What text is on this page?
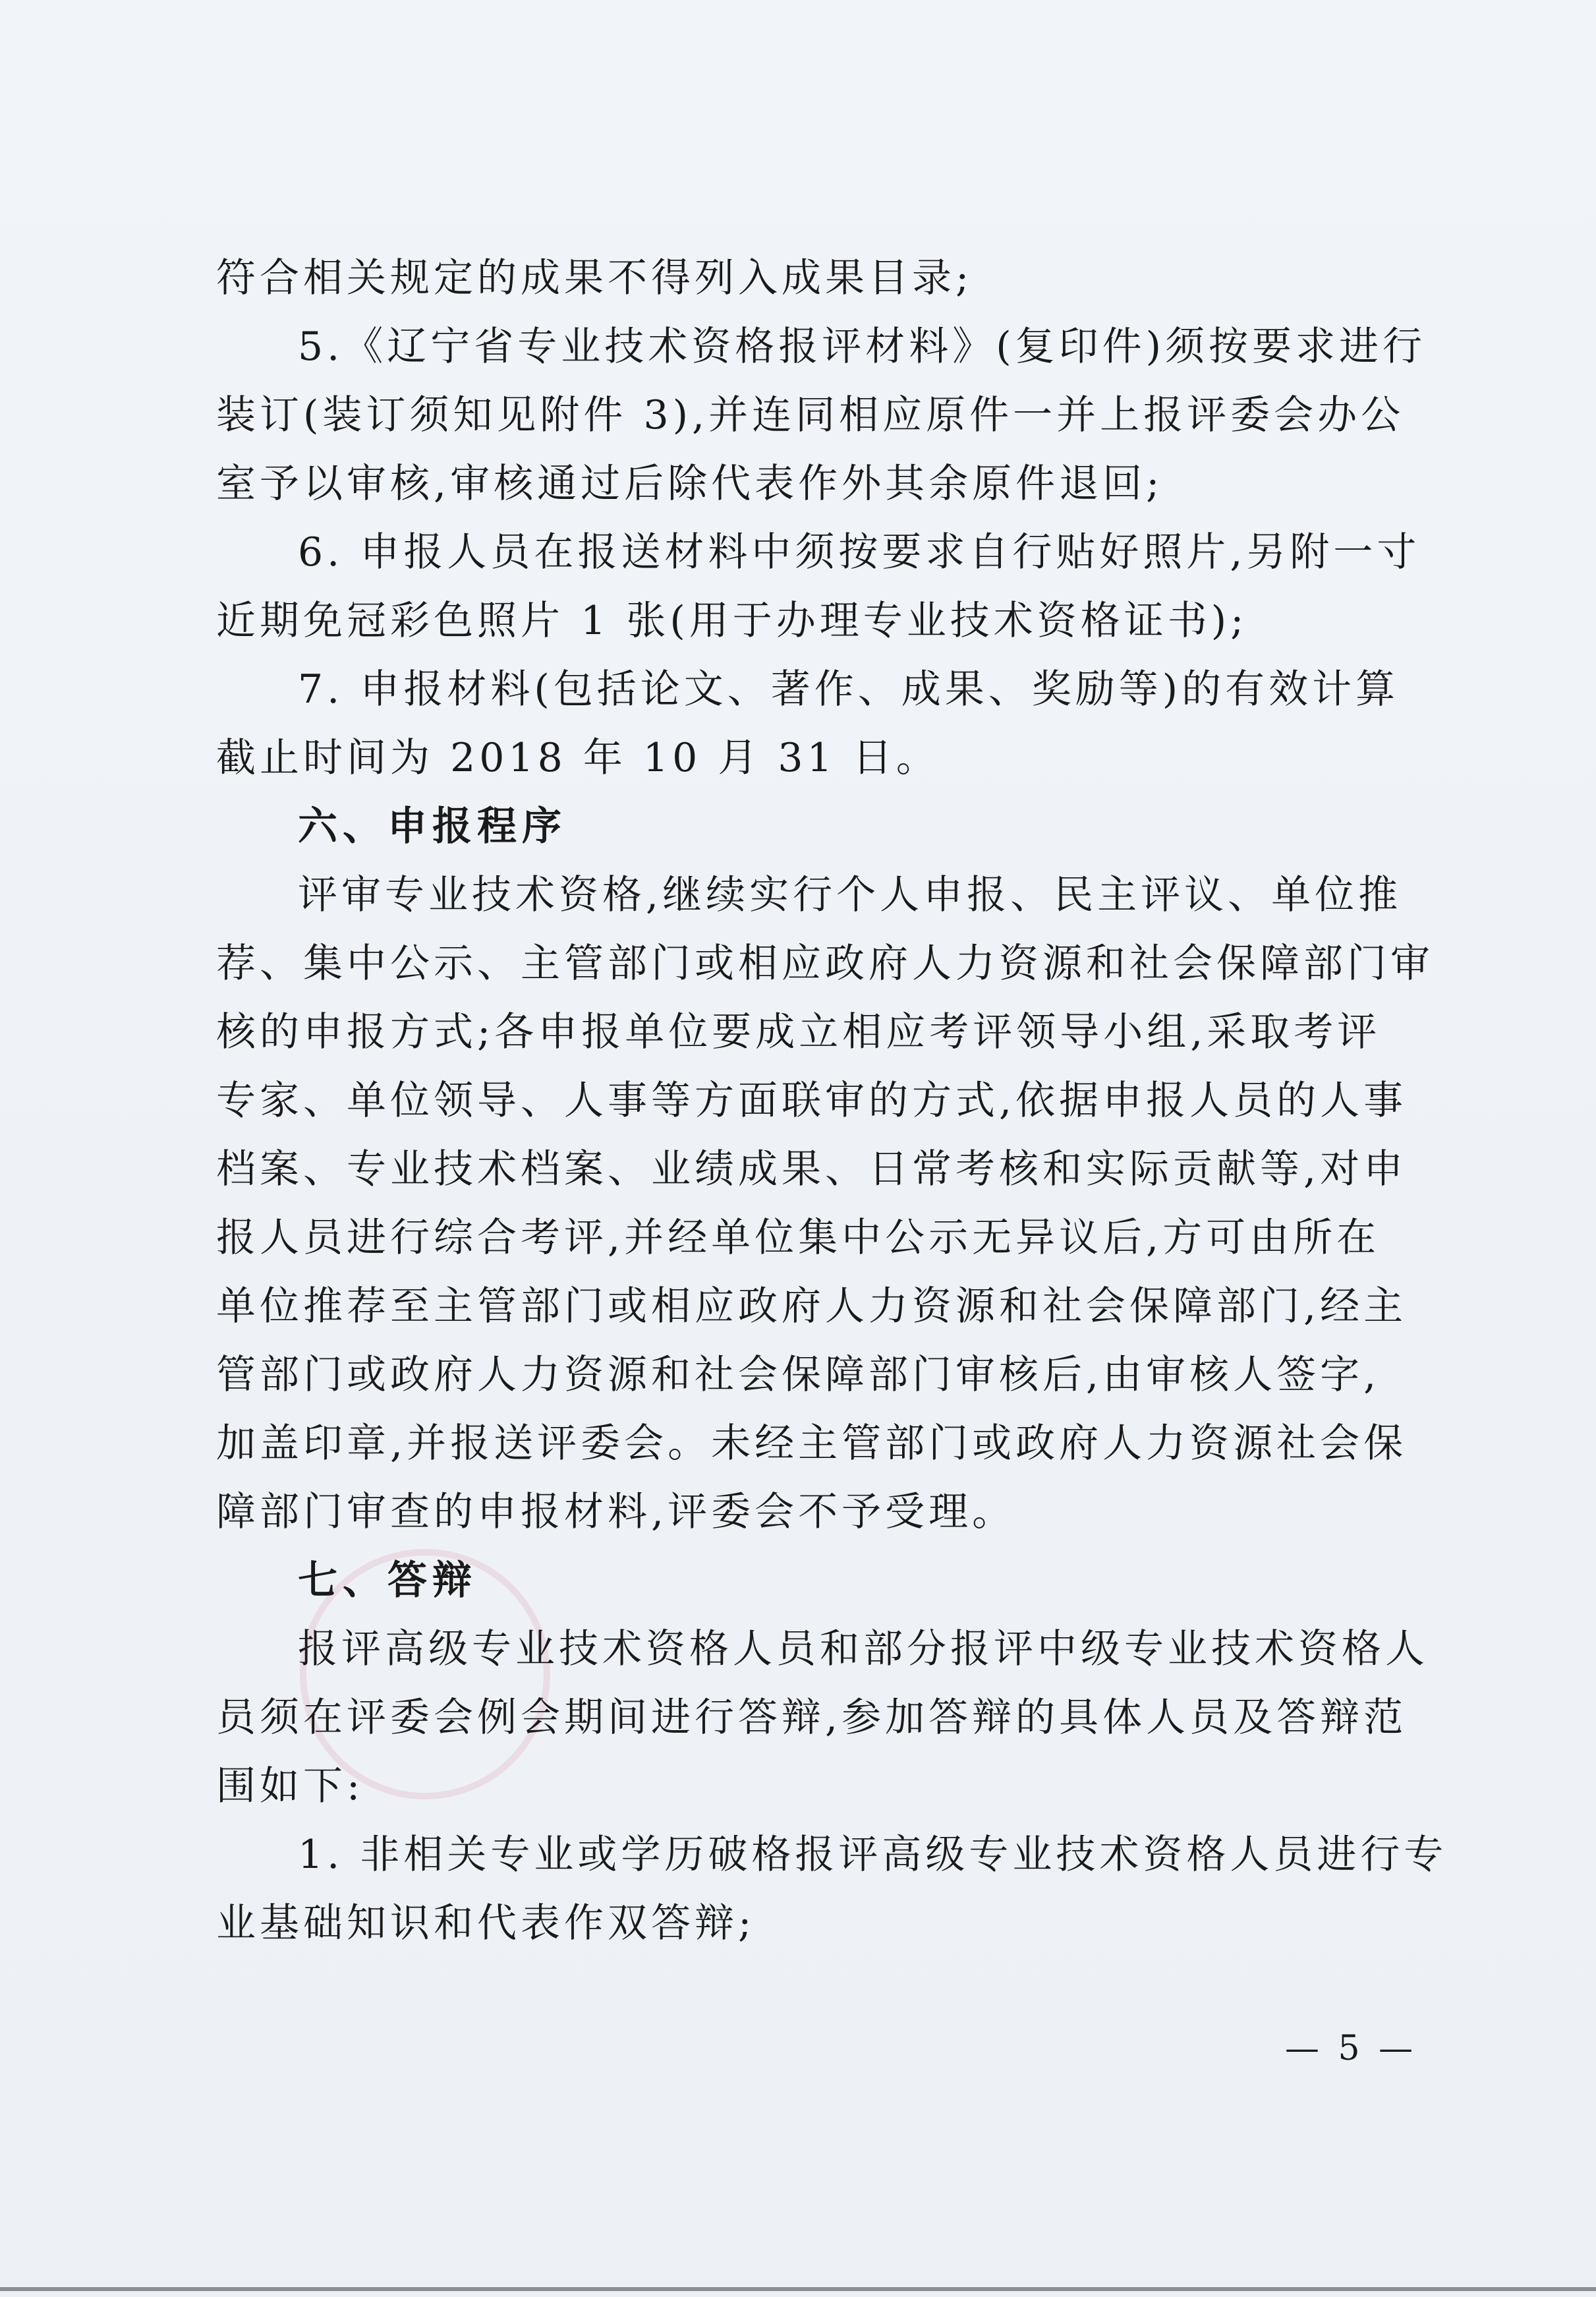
符合相关规定的成果不得列入成果目录;
5.《辽宁省专业技术资格报评材料》(复印件)须按要求进行
装订(装订须知见附件 3),并连同相应原件一并上报评委会办公
室予以审核,审核通过后除代表作外其余原件退回;
6. 申报人员在报送材料中须按要求自行贴好照片,另附一寸
近期免冠彩色照片 1 张(用于办理专业技术资格证书);
7. 申报材料(包括论文、著作、成果、奖励等)的有效计算
截止时间为 2018 年 10 月 31 日。
六、申报程序
评审专业技术资格,继续实行个人申报、民主评议、单位推
荐、集中公示、主管部门或相应政府人力资源和社会保障部门审
核的申报方式;各申报单位要成立相应考评领导小组,采取考评
专家、单位领导、人事等方面联审的方式,依据申报人员的人事
档案、专业技术档案、业绩成果、日常考核和实际贡献等,对申
报人员进行综合考评,并经单位集中公示无异议后,方可由所在
单位推荐至主管部门或相应政府人力资源和社会保障部门,经主
管部门或政府人力资源和社会保障部门审核后,由审核人签字,
加盖印章,并报送评委会。未经主管部门或政府人力资源社会保
障部门审查的申报材料,评委会不予受理。
七、答辩
报评高级专业技术资格人员和部分报评中级专业技术资格人
员须在评委会例会期间进行答辩,参加答辩的具体人员及答辩范
围如下:
1. 非相关专业或学历破格报评高级专业技术资格人员进行专
业基础知识和代表作双答辩;
— 5 —
